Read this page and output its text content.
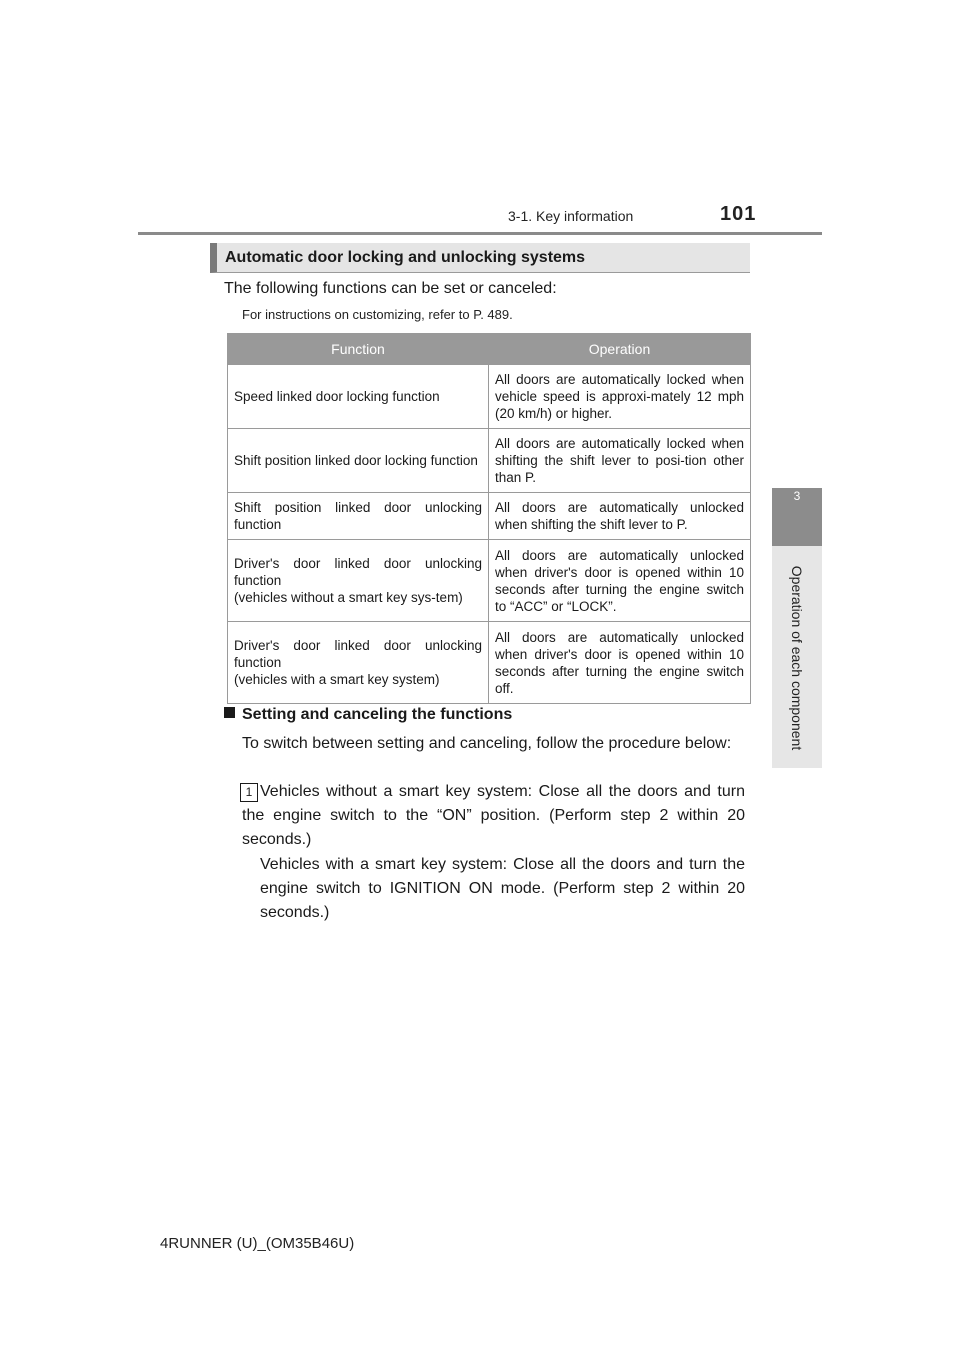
3-1. Key information	101
3
Operation of each component
Automatic door locking and unlocking systems
The following functions can be set or canceled:
For instructions on customizing, refer to P. 489.
Function	Operation
Speed linked door locking function	All doors are automatically locked when vehicle speed is approxi-mately 12 mph (20 km/h) or higher.
Shift position linked door locking function	All doors are automatically locked when shifting the shift lever to posi-tion other than P.
Shift position linked door unlocking function	All doors are automatically unlocked when shifting the shift lever to P.
Driver's door linked door unlocking function
(vehicles without a smart key sys-tem)	All doors are automatically unlocked when driver's door is opened within 10 seconds after turning the engine switch to “ACC” or “LOCK”.
Driver's door linked door unlocking function
(vehicles with a smart key system)	All doors are automatically unlocked when driver's door is opened within 10 seconds after turning the engine switch off.
Setting and canceling the functions
To switch between setting and canceling, follow the procedure below:
1 Vehicles without a smart key system: Close all the doors and turn the engine switch to the “ON” position. (Perform step 2 within 20 seconds.)
Vehicles with a smart key system: Close all the doors and turn the engine switch to IGNITION ON mode. (Perform step 2 within 20 seconds.)
4RUNNER (U)_(OM35B46U)
